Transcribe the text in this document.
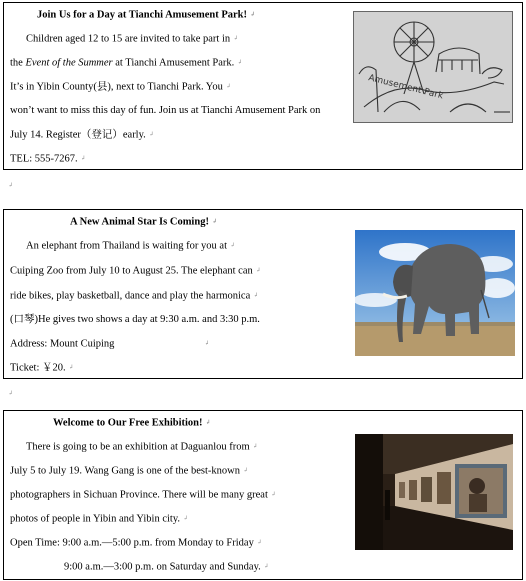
Join Us for a Day at Tianchi Amusement Park! ↲
Children aged 12 to 15 are invited to take part in ↲
the Event of the Summer at Tianchi Amusement Park. ↲
It’s in Yibin County(县), next to Tianchi Park. You ↲
won’t want to miss this day of fun. Join us at Tianchi Amusement Park on
July 14. Register（登记）early. ↲
TEL: 555-7267. ↲
Amusement Park
↲
A New Animal Star Is Coming! ↲
An elephant from Thailand is waiting for you at ↲
Cuiping Zoo from July 10 to August 25. The elephant can ↲
ride bikes, play basketball, dance and play the harmonica ↲
(口琴)He gives two shows a day at 9:30 a.m. and 3:30 p.m.
Address: Mount Cuiping	↲
Ticket: ￥20. ↲
↲
Welcome to Our Free Exhibition! ↲
There is going to be an exhibition at Daguanlou from ↲
July 5 to July 19. Wang Gang is one of the best-known ↲
photographers in Sichuan Province. There will be many great ↲
photos of people in Yibin and Yibin city. ↲
Open Time: 9:00 a.m.—5:00 p.m. from Monday to Friday ↲
9:00 a.m.—3:00 p.m. on Saturday and Sunday. ↲
